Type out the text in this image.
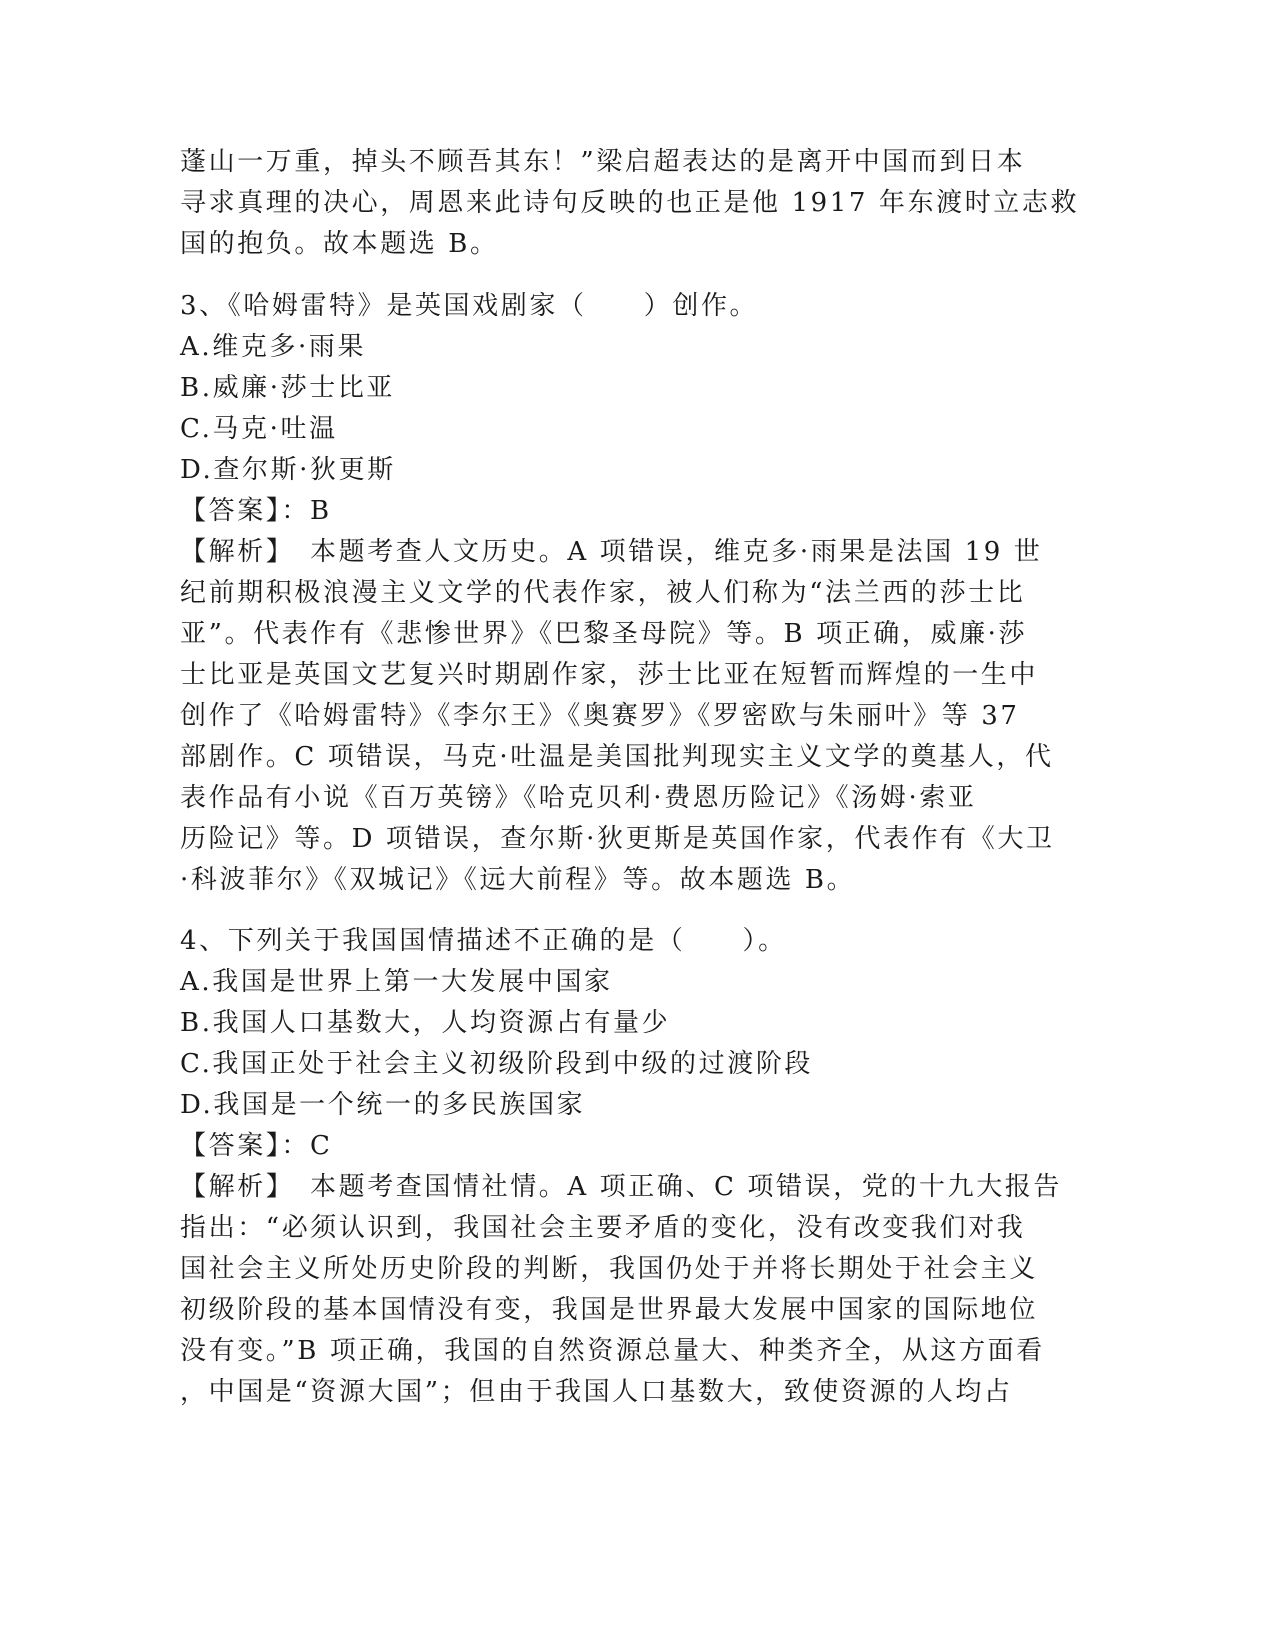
蓬山一万重，掉头不顾吾其东！”梁启超表达的是离开中国而到日本
寻求真理的决心，周恩来此诗句反映的也正是他 1917 年东渡时立志救
国的抱负。故本题选 B。
3、《哈姆雷特》是英国戏剧家（　　）创作。
A.维克多·雨果
B.威廉·莎士比亚
C.马克·吐温
D.查尔斯·狄更斯
【答案】：B
【解析】　本题考查人文历史。A 项错误，维克多·雨果是法国 19 世
纪前期积极浪漫主义文学的代表作家，被人们称为“法兰西的莎士比
亚”。代表作有《悲惨世界》《巴黎圣母院》等。B 项正确，威廉·莎
士比亚是英国文艺复兴时期剧作家，莎士比亚在短暂而辉煌的一生中
创作了《哈姆雷特》《李尔王》《奥赛罗》《罗密欧与朱丽叶》等 37
部剧作。C 项错误，马克·吐温是美国批判现实主义文学的奠基人，代
表作品有小说《百万英镑》《哈克贝利·费恩历险记》《汤姆·索亚
历险记》等。D 项错误，查尔斯·狄更斯是英国作家，代表作有《大卫
·科波菲尔》《双城记》《远大前程》等。故本题选 B。
4、下列关于我国国情描述不正确的是（　　）。
A.我国是世界上第一大发展中国家
B.我国人口基数大，人均资源占有量少
C.我国正处于社会主义初级阶段到中级的过渡阶段
D.我国是一个统一的多民族国家
【答案】：C
【解析】　本题考查国情社情。A 项正确、C 项错误，党的十九大报告
指出：“必须认识到，我国社会主要矛盾的变化，没有改变我们对我
国社会主义所处历史阶段的判断，我国仍处于并将长期处于社会主义
初级阶段的基本国情没有变，我国是世界最大发展中国家的国际地位
没有变。”B 项正确，我国的自然资源总量大、种类齐全，从这方面看
，中国是“资源大国”；但由于我国人口基数大，致使资源的人均占
